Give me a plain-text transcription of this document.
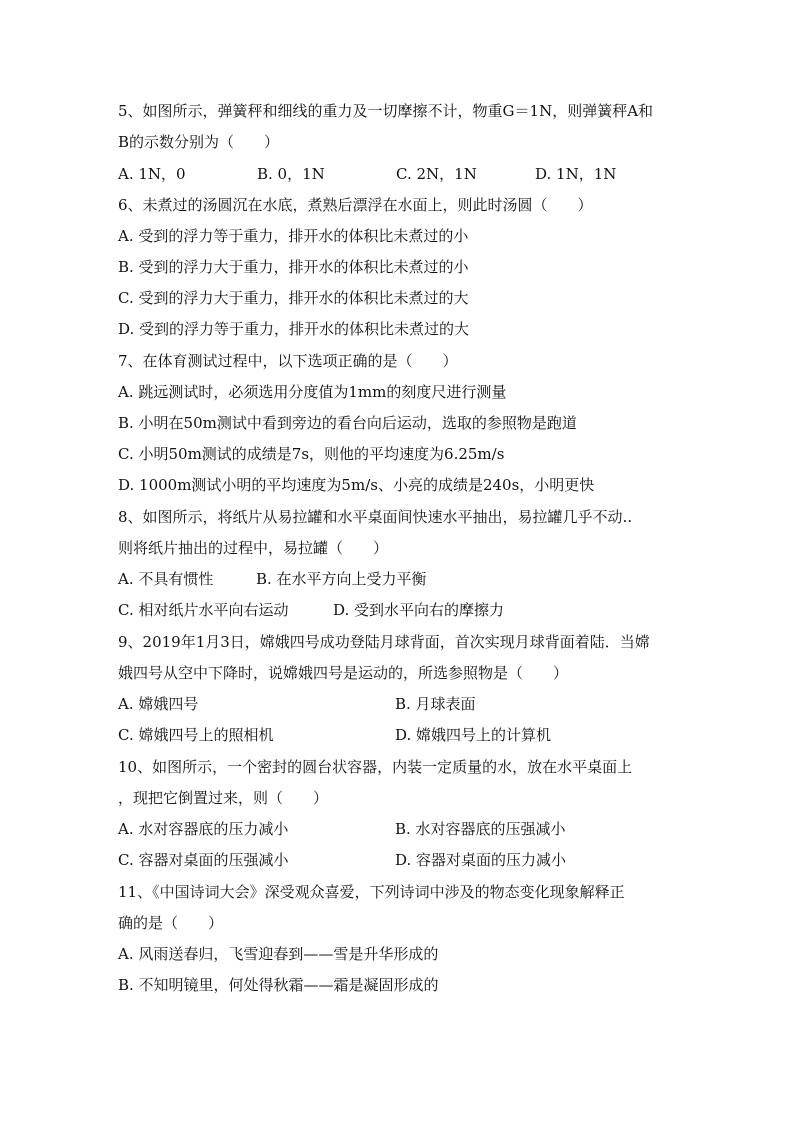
5、如图所示，弹簧秤和细线的重力及一切摩擦不计，物重G＝1N，则弹簧秤A和
B的示数分别为（　　）
A. 1N，0	B. 0，1N	C. 2N，1N	D. 1N，1N
6、未煮过的汤圆沉在水底，煮熟后漂浮在水面上，则此时汤圆（　　）
A. 受到的浮力等于重力，排开水的体积比未煮过的小
B. 受到的浮力大于重力，排开水的体积比未煮过的小
C. 受到的浮力大于重力，排开水的体积比未煮过的大
D. 受到的浮力等于重力，排开水的体积比未煮过的大
7、在体育测试过程中，以下选项正确的是（　　）
A. 跳远测试时，必须选用分度值为1mm的刻度尺进行测量
B. 小明在50m测试中看到旁边的看台向后运动，选取的参照物是跑道
C. 小明50m测试的成绩是7s，则他的平均速度为6.25m/s
D. 1000m测试小明的平均速度为5m/s、小亮的成绩是240s，小明更快
8、如图所示，将纸片从易拉罐和水平桌面间快速水平抽出，易拉罐几乎不动..
则将纸片抽出的过程中，易拉罐（　　）
A. 不具有惯性	B. 在水平方向上受力平衡
C. 相对纸片水平向右运动	D. 受到水平向右的摩擦力
9、2019年1月3日，嫦娥四号成功登陆月球背面，首次实现月球背面着陆．当嫦
娥四号从空中下降时，说嫦娥四号是运动的，所选参照物是（　　）
A. 嫦娥四号	B. 月球表面
C. 嫦娥四号上的照相机	D. 嫦娥四号上的计算机
10、如图所示，一个密封的圆台状容器，内装一定质量的水，放在水平桌面上
，现把它倒置过来，则（　　）
A. 水对容器底的压力减小	B. 水对容器底的压强减小
C. 容器对桌面的压强减小	D. 容器对桌面的压力减小
11、《中国诗词大会》深受观众喜爱，下列诗词中涉及的物态变化现象解释正
确的是（　　）
A. 风雨送春归，飞雪迎春到——雪是升华形成的
B. 不知明镜里，何处得秋霜——霜是凝固形成的
